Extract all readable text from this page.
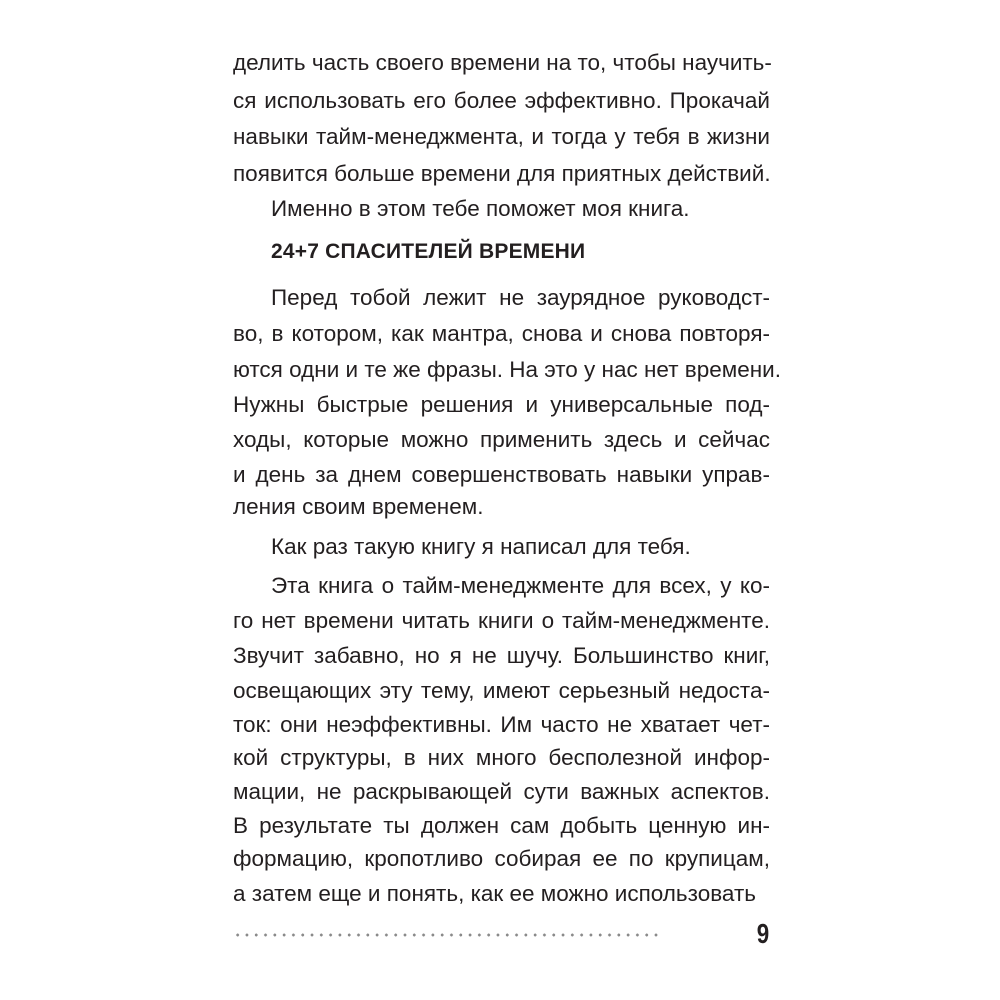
делить часть своего времени на то, чтобы научить-
ся использовать его более эффективно. Прокачай
навыки тайм-менеджмента, и тогда у тебя в жизни
появится больше времени для приятных действий.
Именно в этом тебе поможет моя книга.
24+7 СПАСИТЕЛЕЙ ВРЕМЕНИ
Перед тобой лежит не заурядное руководст-
во, в котором, как мантра, снова и снова повторя-
ются одни и те же фразы. На это у нас нет времени.
Нужны быстрые решения и универсальные под-
ходы, которые можно применить здесь и сейчас
и день за днем совершенствовать навыки управ-
ления своим временем.
Как раз такую книгу я написал для тебя.
Эта книга о тайм-менеджменте для всех, у ко-
го нет времени читать книги о тайм-менеджменте.
Звучит забавно, но я не шучу. Большинство книг,
освещающих эту тему, имеют серьезный недоста-
ток: они неэффективны. Им часто не хватает чет-
кой структуры, в них много бесполезной инфор-
мации, не раскрывающей сути важных аспектов.
В результате ты должен сам добыть ценную ин-
формацию, кропотливо собирая ее по крупицам,
а затем еще и понять, как ее можно использовать
9
